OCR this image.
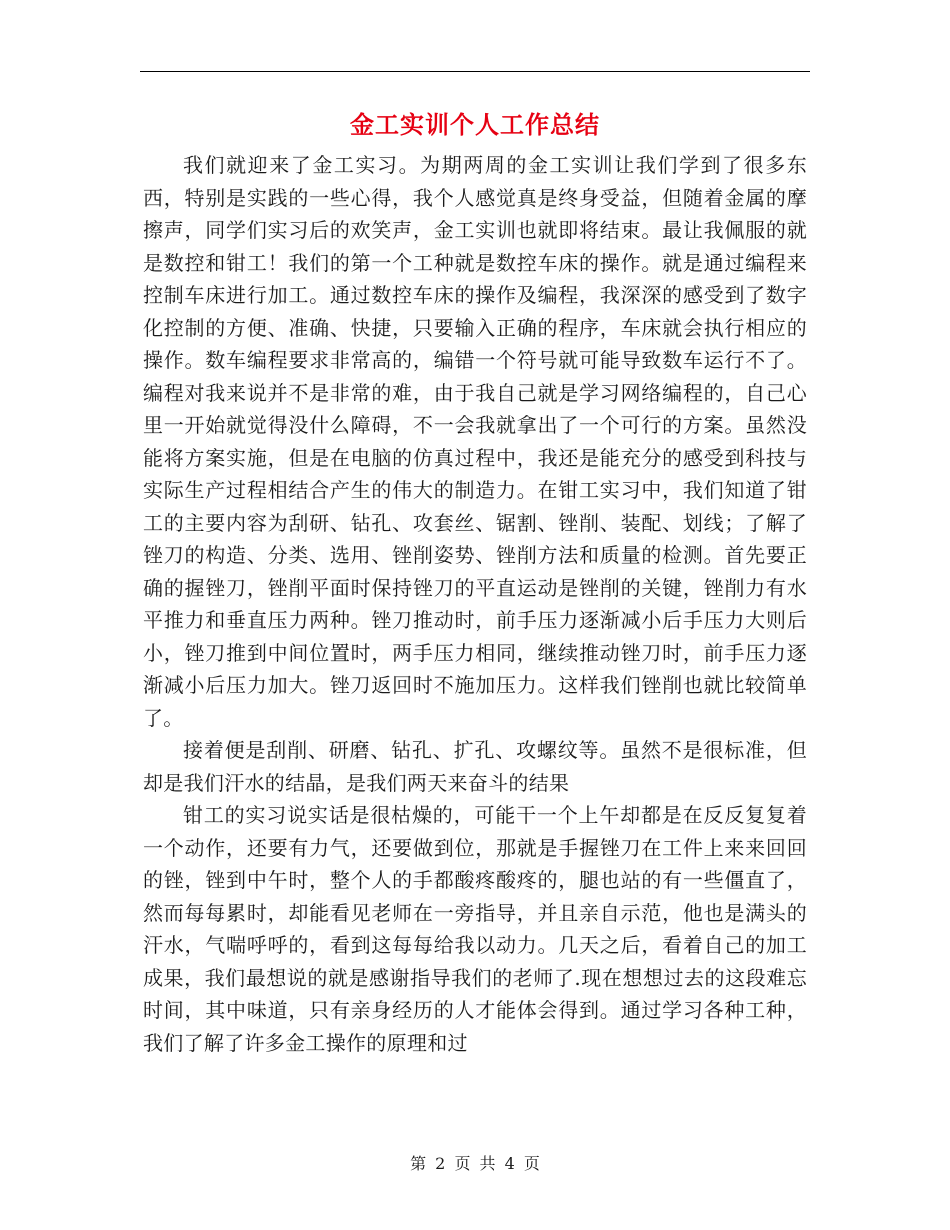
金工实训个人工作总结

我们就迎来了金工实习。为期两周的金工实训让我们学到了很多东西，特别是实践的一些心得，我个人感觉真是终身受益，但随着金属的摩擦声，同学们实习后的欢笑声，金工实训也就即将结束。最让我佩服的就是数控和钳工！我们的第一个工种就是数控车床的操作。就是通过编程来控制车床进行加工。通过数控车床的操作及编程，我深深的感受到了数字化控制的方便、准确、快捷，只要输入正确的程序，车床就会执行相应的操作。数车编程要求非常高的，编错一个符号就可能导致数车运行不了。编程对我来说并不是非常的难，由于我自己就是学习网络编程的，自己心里一开始就觉得没什么障碍，不一会我就拿出了一个可行的方案。虽然没能将方案实施，但是在电脑的仿真过程中，我还是能充分的感受到科技与实际生产过程相结合产生的伟大的制造力。在钳工实习中，我们知道了钳工的主要内容为刮研、钻孔、攻套丝、锯割、锉削、装配、划线；了解了锉刀的构造、分类、选用、锉削姿势、锉削方法和质量的检测。首先要正确的握锉刀，锉削平面时保持锉刀的平直运动是锉削的关键，锉削力有水平推力和垂直压力两种。锉刀推动时，前手压力逐渐减小后手压力大则后小，锉刀推到中间位置时，两手压力相同，继续推动锉刀时，前手压力逐渐减小后压力加大。锉刀返回时不施加压力。这样我们锉削也就比较简单了。

接着便是刮削、研磨、钻孔、扩孔、攻螺纹等。虽然不是很标准，但却是我们汗水的结晶，是我们两天来奋斗的结果

钳工的实习说实话是很枯燥的，可能干一个上午却都是在反反复复着一个动作，还要有力气，还要做到位，那就是手握锉刀在工件上来来回回的锉，锉到中午时，整个人的手都酸疼酸疼的，腿也站的有一些僵直了，然而每每累时，却能看见老师在一旁指导，并且亲自示范，他也是满头的汗水，气喘呼呼的，看到这每每给我以动力。几天之后，看着自己的加工成果，我们最想说的就是感谢指导我们的老师了.现在想想过去的这段难忘时间，其中味道，只有亲身经历的人才能体会得到。通过学习各种工种，我们了解了许多金工操作的原理和过

第 2 页 共 4 页
